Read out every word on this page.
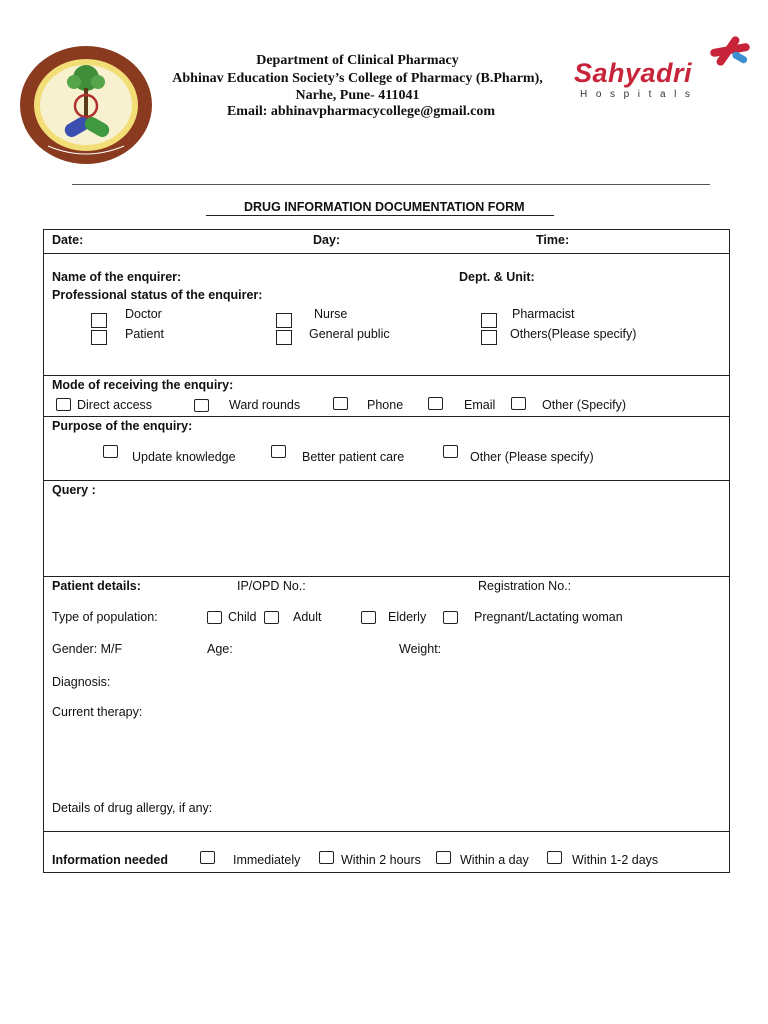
Department of Clinical Pharmacy
Abhinav Education Society’s College of Pharmacy (B.Pharm),
Narhe, Pune- 411041
Email: abhinavpharmacycollege@gmail.com
Sahyadri
Hospitals
DRUG INFORMATION DOCUMENTATION FORM
Date:	Day:	Time:
Name of the enquirer:	Dept. & Unit:
Professional status of the enquirer:
Doctor	Nurse	Pharmacist
Patient	General public	Others(Please specify)
Mode of receiving the enquiry:
Direct access	Ward rounds	Phone	Email	Other (Specify)
Purpose of the enquiry:
Update knowledge	Better patient care	Other (Please specify)
Query :
Patient details:	IP/OPD No.:	Registration No.:
Type of population:	Child	Adult	Elderly	Pregnant/Lactating woman
Gender: M/F	Age:	Weight:
Diagnosis:
Current therapy:
Details of drug allergy, if any:
Information needed	Immediately	Within 2 hours	Within a day	Within 1-2 days
